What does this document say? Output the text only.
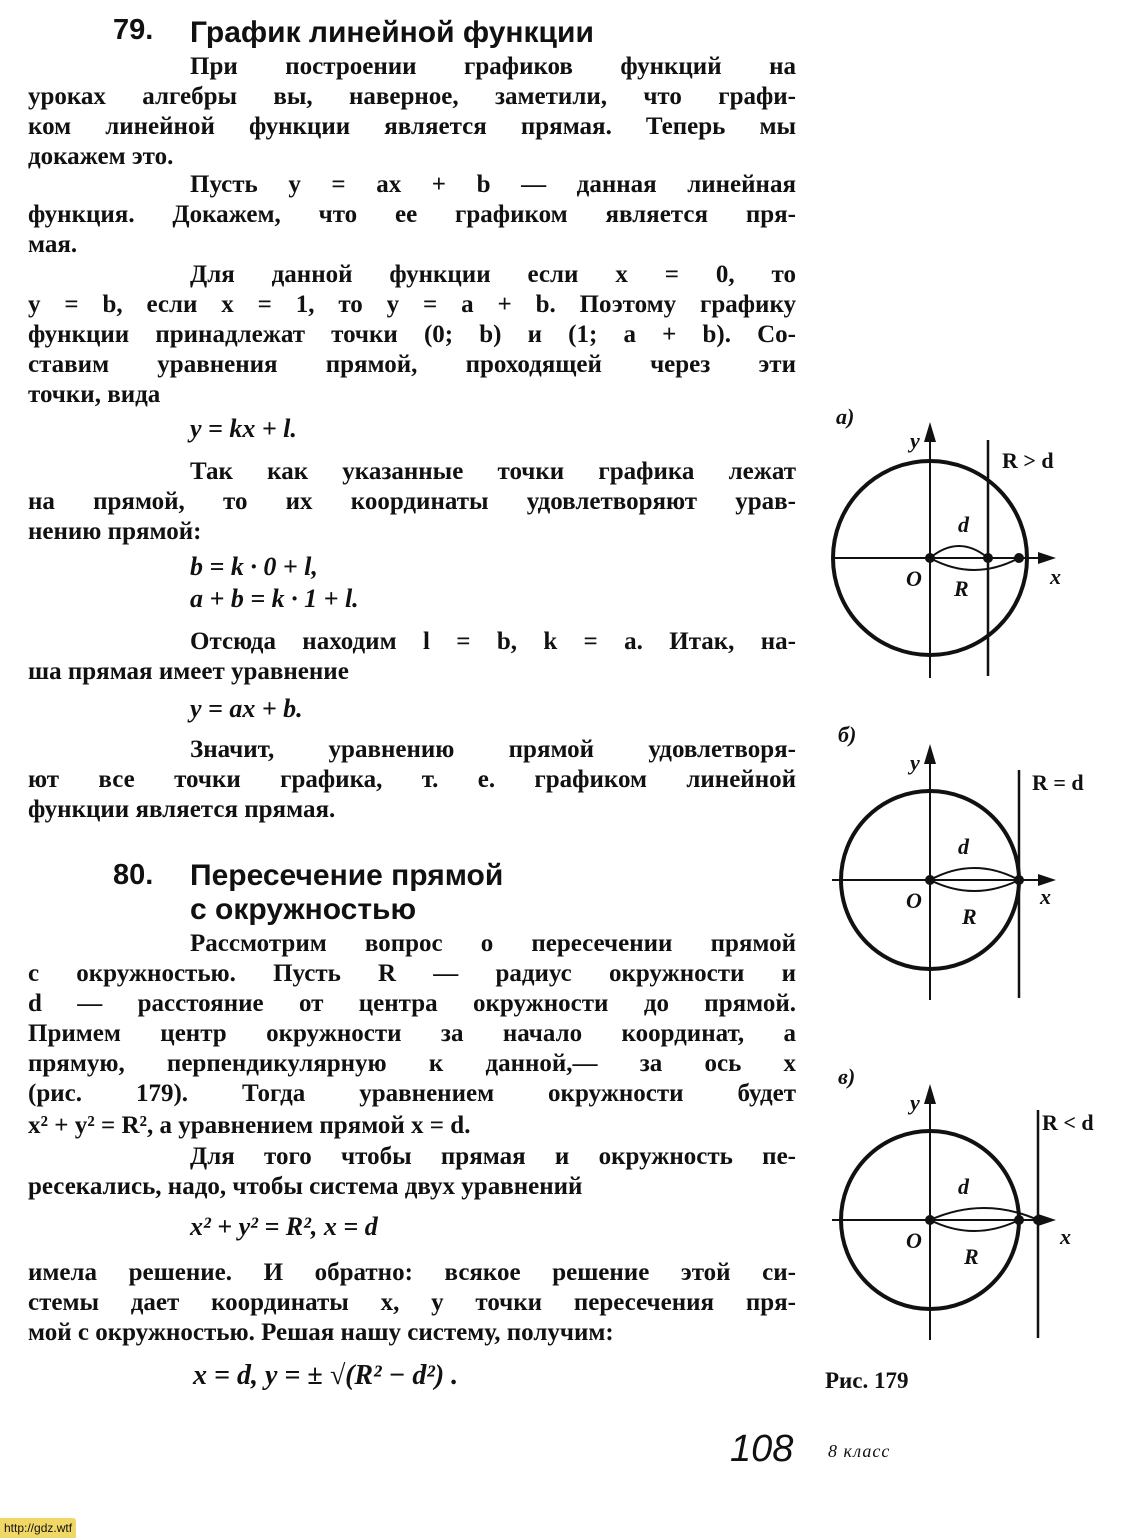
79. График линейной функции
При построении графиков функций на
уроках алгебры вы, наверное, заметили, что графи-
ком линейной функции является прямая. Теперь мы
докажем это.
Пусть y = ax + b — данная линейная
функция. Докажем, что ее графиком является пря-
мая.
Для данной функции если x = 0, то
y = b, если x = 1, то y = a + b. Поэтому графику
функции принадлежат точки (0; b) и (1; a + b). Со-
ставим уравнения прямой, проходящей через эти
точки, вида
y = kx + l.
Так как указанные точки графика лежат
на прямой, то их координаты удовлетворяют урав-
нению прямой:
b = k · 0 + l,
a + b = k · 1 + l.
Отсюда находим l = b, k = a. Итак, на-
ша прямая имеет уравнение
y = ax + b.
Значит, уравнению прямой удовлетворя-
ют все точки графика, т. е. графиком линейной
функции является прямая.
80. Пересечение прямой
с окружностью
Рассмотрим вопрос о пересечении прямой
с окружностью. Пусть R — радиус окружности и
d — расстояние от центра окружности до прямой.
Примем центр окружности за начало координат, а
прямую, перпендикулярную к данной,— за ось x
(рис. 179). Тогда уравнением окружности будет
x² + y² = R², а уравнением прямой x = d.
Для того чтобы прямая и окружность пе-
ресекались, надо, чтобы система двух уравнений
x² + y² = R², x = d
имела решение. И обратно: всякое решение этой си-
стемы дает координаты x, y точки пересечения пря-
мой с окружностью. Решая нашу систему, получим:
x = d, y = ± √(R² − d²) .
а)
y
R > d
d
O R	x
б)
y
R = d
d
O
R
x
в)
y
R < d
d
O
R
x
Рис. 179
108 8 класс
http://gdz.wtf
